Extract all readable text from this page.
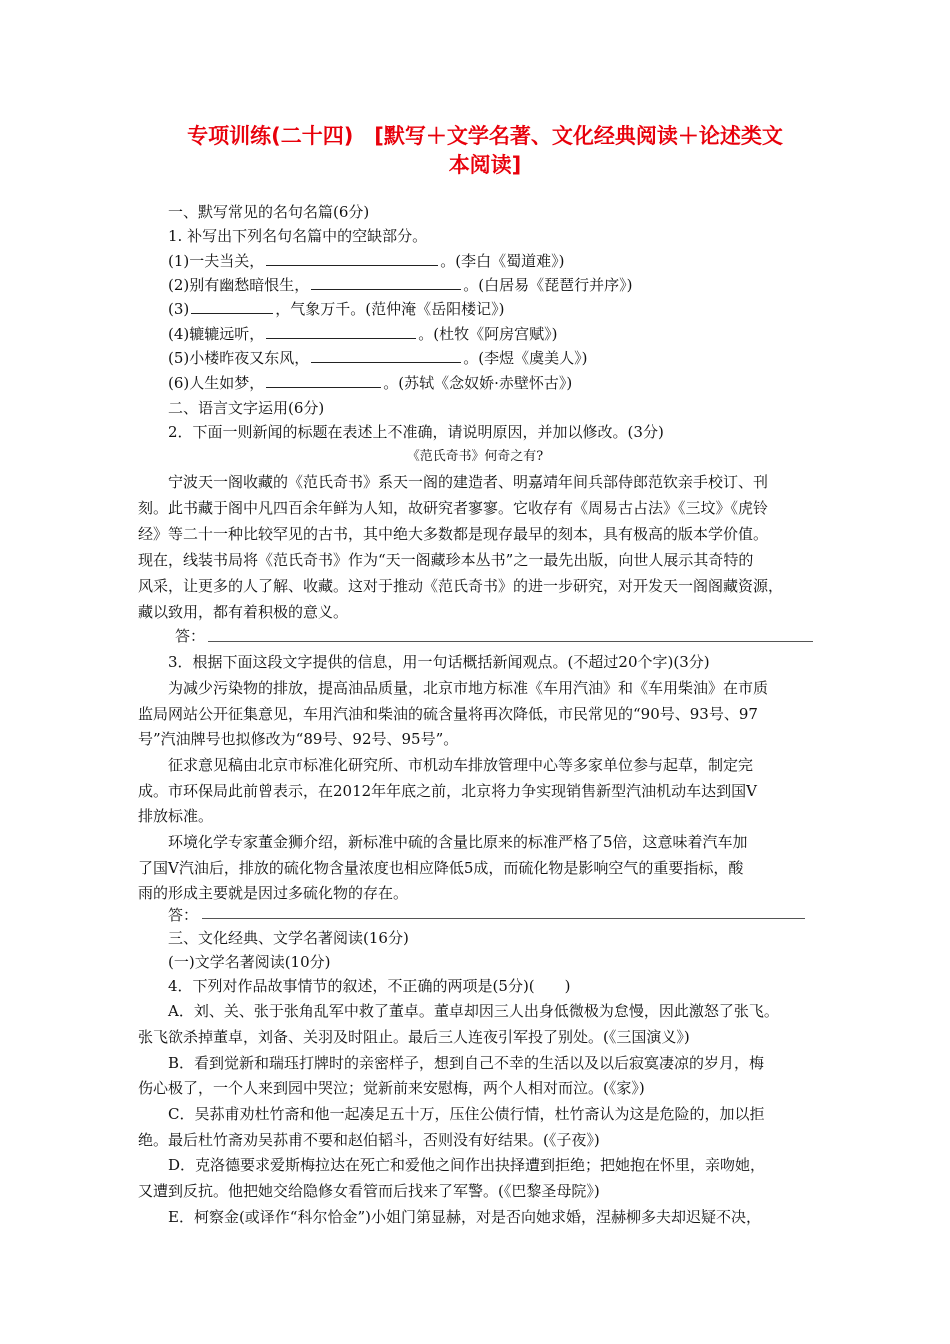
专项训练(二十四)　[默写＋文学名著、文化经典阅读＋论述类文
本阅读]
一、默写常见的名句名篇(6分)
1. 补写出下列名句名篇中的空缺部分。
(1)一夫当关，	。(李白《蜀道难》)
(2)别有幽愁暗恨生，	。(白居易《琵琶行并序》)
(3)	，气象万千。(范仲淹《岳阳楼记》)
(4)辘辘远听，	。(杜牧《阿房宫赋》)
(5)小楼昨夜又东风，	。(李煜《虞美人》)
(6)人生如梦，	。(苏轼《念奴娇·赤壁怀古》)
二、语言文字运用(6分)
2．下面一则新闻的标题在表述上不准确，请说明原因，并加以修改。(3分)
《范氏奇书》何奇之有?
宁波天一阁收藏的《范氏奇书》系天一阁的建造者、明嘉靖年间兵部侍郎范钦亲手校订、刊
刻。此书藏于阁中凡四百余年鲜为人知，故研究者寥寥。它收存有《周易古占法》《三坟》《虎铃
经》等二十一种比较罕见的古书，其中绝大多数都是现存最早的刻本，具有极高的版本学价值。
现在，线装书局将《范氏奇书》作为“天一阁藏珍本丛书”之一最先出版，向世人展示其奇特的
风采，让更多的人了解、收藏。这对于推动《范氏奇书》的进一步研究，对开发天一阁阁藏资源，
藏以致用，都有着积极的意义。
答：
3．根据下面这段文字提供的信息，用一句话概括新闻观点。(不超过20个字)(3分)
为减少污染物的排放，提高油品质量，北京市地方标准《车用汽油》和《车用柴油》在市质
监局网站公开征集意见，车用汽油和柴油的硫含量将再次降低，市民常见的“90号、93号、97
号”汽油牌号也拟修改为“89号、92号、95号”。
征求意见稿由北京市标准化研究所、市机动车排放管理中心等多家单位参与起草，制定完
成。市环保局此前曾表示，在2012年年底之前，北京将力争实现销售新型汽油机动车达到国Ⅴ
排放标准。
环境化学专家董金狮介绍，新标准中硫的含量比原来的标准严格了5倍，这意味着汽车加
了国Ⅴ汽油后，排放的硫化物含量浓度也相应降低5成，而硫化物是影响空气的重要指标，酸
雨的形成主要就是因过多硫化物的存在。
答：
三、文化经典、文学名著阅读(16分)
(一)文学名著阅读(10分)
4．下列对作品故事情节的叙述，不正确的两项是(5分)(　　)
A．刘、关、张于张角乱军中救了董卓。董卓却因三人出身低微极为怠慢，因此激怒了张飞。
张飞欲杀掉董卓，刘备、关羽及时阻止。最后三人连夜引军投了别处。(《三国演义》)
B．看到觉新和瑞珏打牌时的亲密样子，想到自己不幸的生活以及以后寂寞凄凉的岁月，梅
伤心极了，一个人来到园中哭泣；觉新前来安慰梅，两个人相对而泣。(《家》)
C．吴荪甫劝杜竹斋和他一起凑足五十万，压住公债行情，杜竹斋认为这是危险的，加以拒
绝。最后杜竹斋劝吴荪甫不要和赵伯韬斗，否则没有好结果。(《子夜》)
D．克洛德要求爱斯梅拉达在死亡和爱他之间作出抉择遭到拒绝；把她抱在怀里，亲吻她，
又遭到反抗。他把她交给隐修女看管而后找来了军警。(《巴黎圣母院》)
E．柯察金(或译作“科尔恰金”)小姐门第显赫，对是否向她求婚，涅赫柳多夫却迟疑不决，
